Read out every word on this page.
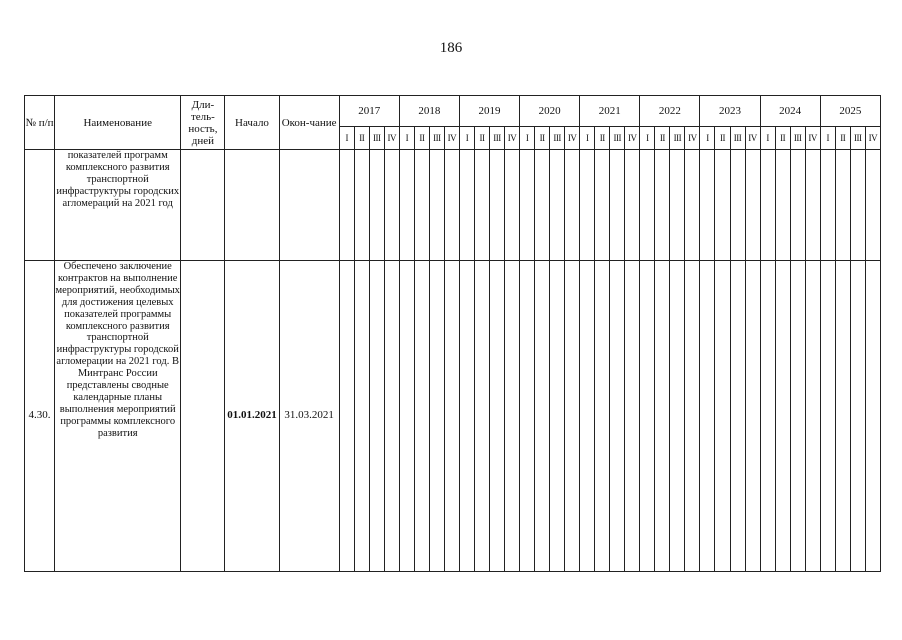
186
№ п/п	Наименование	Дли-тель-ность, дней	Начало	Окон-чание	2017				2018				2019				2020				2021				2022				2023				2024				2025			
					I	II	III	IV	I	II	III	IV	I	II	III	IV	I	II	III	IV	I	II	III	IV	I	II	III	IV	I	II	III	IV	I	II	III	IV	I	II	III	IV
	показателей программ комплексного развития транспортной инфраструктуры городских агломераций на 2021 год																																							
4.30.	Обеспечено заключение контрактов на выполнение мероприятий, необходимых для достижения целевых показателей программы комплексного развития транспортной инфраструктуры городской агломерации на 2021 год. В Минтранс России представлены сводные календарные планы выполнения мероприятий программы комплексного развития		01.01.2021	31.03.2021																																				
